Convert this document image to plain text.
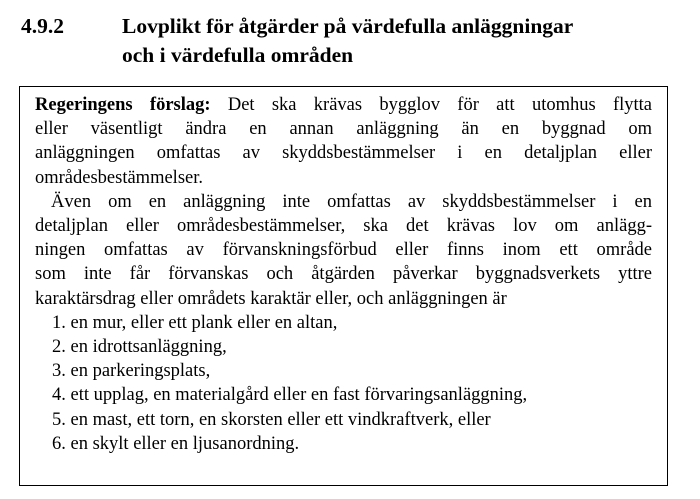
4.9.2	Lovplikt för åtgärder på värdefulla anläggningar
och i värdefulla områden
Regeringens förslag: Det ska krävas bygglov för att utomhus flytta
eller väsentligt ändra en annan anläggning än en byggnad om
anläggningen omfattas av skyddsbestämmelser i en detaljplan eller
områdesbestämmelser.
Även om en anläggning inte omfattas av skyddsbestämmelser i en
detaljplan eller områdesbestämmelser, ska det krävas lov om anlägg-
ningen omfattas av förvanskningsförbud eller finns inom ett område
som inte får förvanskas och åtgärden påverkar byggnadsverkets yttre
karaktärsdrag eller områdets karaktär eller, och anläggningen är
1. en mur, eller ett plank eller en altan,
2. en idrottsanläggning,
3. en parkeringsplats,
4. ett upplag, en materialgård eller en fast förvaringsanläggning,
5. en mast, ett torn, en skorsten eller ett vindkraftverk, eller
6. en skylt eller en ljusanordning.
